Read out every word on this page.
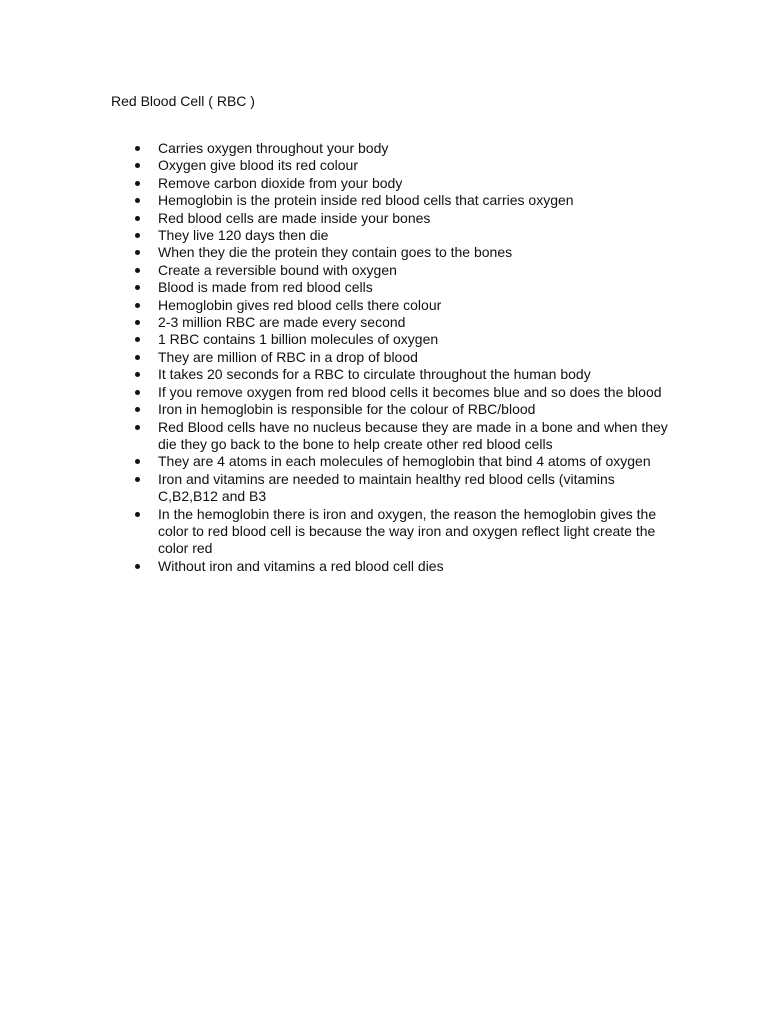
Red Blood Cell ( RBC )
Carries oxygen throughout your body
Oxygen give blood its red colour
Remove carbon dioxide from your body
Hemoglobin is the protein inside red blood cells that carries oxygen
Red blood cells are made inside your bones
They live 120 days then die
When they die the protein they contain goes to the bones
Create a reversible bound with oxygen
Blood is made from red blood cells
Hemoglobin gives red blood cells there colour
2-3 million RBC are made every second
1 RBC contains 1 billion molecules of oxygen
They are million of RBC in a drop of blood
It takes 20 seconds for a RBC to circulate throughout the human body
If you remove oxygen from red blood cells it becomes blue and so does the blood
Iron in hemoglobin is responsible for the colour of RBC/blood
Red Blood cells have no nucleus because they are made in a bone and when they die they go back to the bone to help create other red blood cells
They are 4 atoms in each molecules of hemoglobin that bind 4 atoms of oxygen
Iron and vitamins are needed to maintain healthy red blood cells (vitamins C,B2,B12 and B3
In the hemoglobin there is iron and oxygen, the reason the hemoglobin gives the color to red blood cell is because the way iron and oxygen reflect light create the color red
Without iron and vitamins a red blood cell dies
